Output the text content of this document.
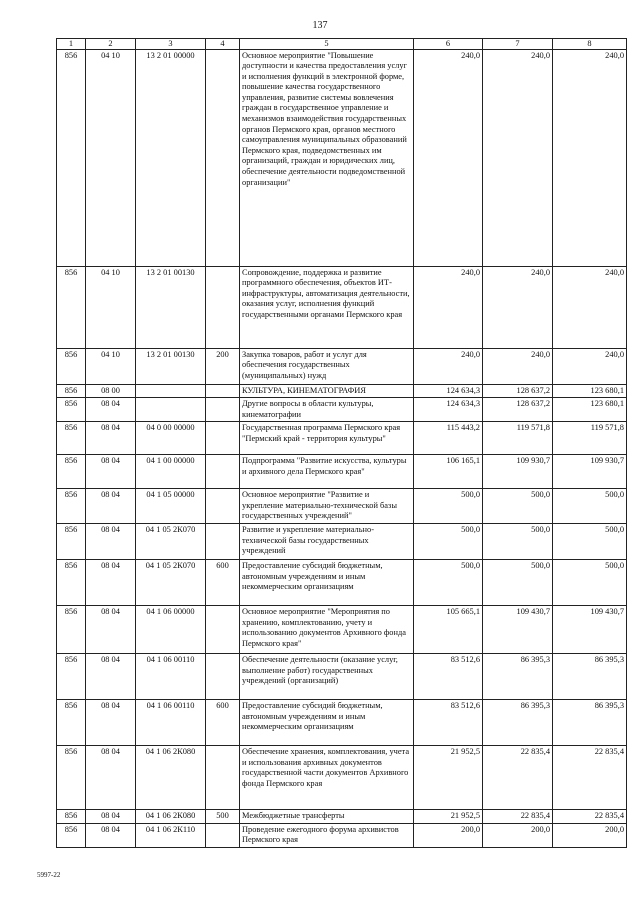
137
1	2	3	4	5	6	7	8
856	04 10	13 2 01 00000		Основное мероприятие "Повышение доступности и качества предоставления услуг и исполнения функций в электронной форме, повышение качества государственного управления, развитие системы вовлечения граждан в государственное управление и механизмов взаимодействия государственных органов Пермского края, органов местного самоуправления муниципальных образований Пермского края, подведомственных им организаций, граждан и юридических лиц, обеспечение деятельности подведомственной организации"	240,0	240,0	240,0
856	04 10	13 2 01 00130		Сопровождение, поддержка и развитие программного обеспечения, объектов ИТ-инфраструктуры, автоматизация деятельности, оказания услуг, исполнения функций государственными органами Пермского края	240,0	240,0	240,0
856	04 10	13 2 01 00130	200	Закупка товаров, работ и услуг для обеспечения государственных (муниципальных) нужд	240,0	240,0	240,0
856	08 00			КУЛЬТУРА, КИНЕМАТОГРАФИЯ	124 634,3	128 637,2	123 680,1
856	08 04			Другие вопросы в области культуры, кинематографии	124 634,3	128 637,2	123 680,1
856	08 04	04 0 00 00000		Государственная программа Пермского края "Пермский край - территория культуры"	115 443,2	119 571,8	119 571,8
856	08 04	04 1 00 00000		Подпрограмма "Развитие искусства, культуры и архивного дела Пермского края"	106 165,1	109 930,7	109 930,7
856	08 04	04 1 05 00000		Основное мероприятие "Развитие и укрепление материально-технической базы государственных учреждений"	500,0	500,0	500,0
856	08 04	04 1 05 2К070		Развитие и укрепление материально-технической базы государственных учреждений	500,0	500,0	500,0
856	08 04	04 1 05 2К070	600	Предоставление субсидий бюджетным, автономным учреждениям и иным некоммерческим организациям	500,0	500,0	500,0
856	08 04	04 1 06 00000		Основное мероприятие "Мероприятия по хранению, комплектованию, учету и использованию документов Архивного фонда Пермского края"	105 665,1	109 430,7	109 430,7
856	08 04	04 1 06 00110		Обеспечение деятельности (оказание услуг, выполнение работ) государственных учреждений (организаций)	83 512,6	86 395,3	86 395,3
856	08 04	04 1 06 00110	600	Предоставление субсидий бюджетным, автономным учреждениям и иным некоммерческим организациям	83 512,6	86 395,3	86 395,3
856	08 04	04 1 06 2К080		Обеспечение хранения, комплектования, учета и использования архивных документов государственной части документов Архивного фонда Пермского края	21 952,5	22 835,4	22 835,4
856	08 04	04 1 06 2К080	500	Межбюджетные трансферты	21 952,5	22 835,4	22 835,4
856	08 04	04 1 06 2К110		Проведение ежегодного форума архивистов Пермского края	200,0	200,0	200,0
5997-22
